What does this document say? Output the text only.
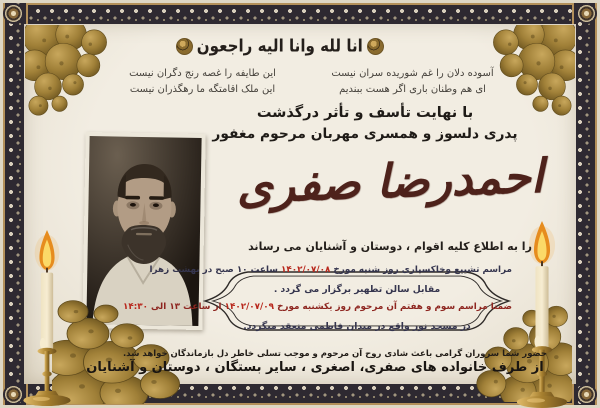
انا لله وانا الیه راجعون
آسوده دلان را غم شوریده سران نیست
ای هم وطنان باری اگر هست ببندیم
این طایفه را غصه رنج دگران نیست
این ملک اقامتگه ما رهگذران نیست
با نهایت تأسف و تأثر درگذشت
پدری دلسوز و همسری مهربان مرحوم مغفور
احمدرضا صفری
را به اطلاع کلیه اقوام ، دوستان و آشنایان می رساند
مراسم تشییع وخاکسپاری روز شنبه مورخ ۱۴۰۲/۰۷/۰۸ ساعت ۱۰ صبح در بهشت زهرا
مقابل سالن تطهیر برگزار می گردد .
ضمنا مراسم سوم و هفتم آن مرحوم روز یکشنبه مورخ ۱۴۰۲/۰۷/۰۹ از ساعت ۱۳ الی ۱۴:۳۰
در مسجد نور واقع در میدان فاطمی منعقد میگردد.
حضور شما سروران گرامی باعث شادی روح آن مرحوم و موجب تسلی خاطر دل بازماندگان خواهد شد.
از طرف خانواده های صفری، اصغری ، سایر بستگان ، دوستان و آشنایان
